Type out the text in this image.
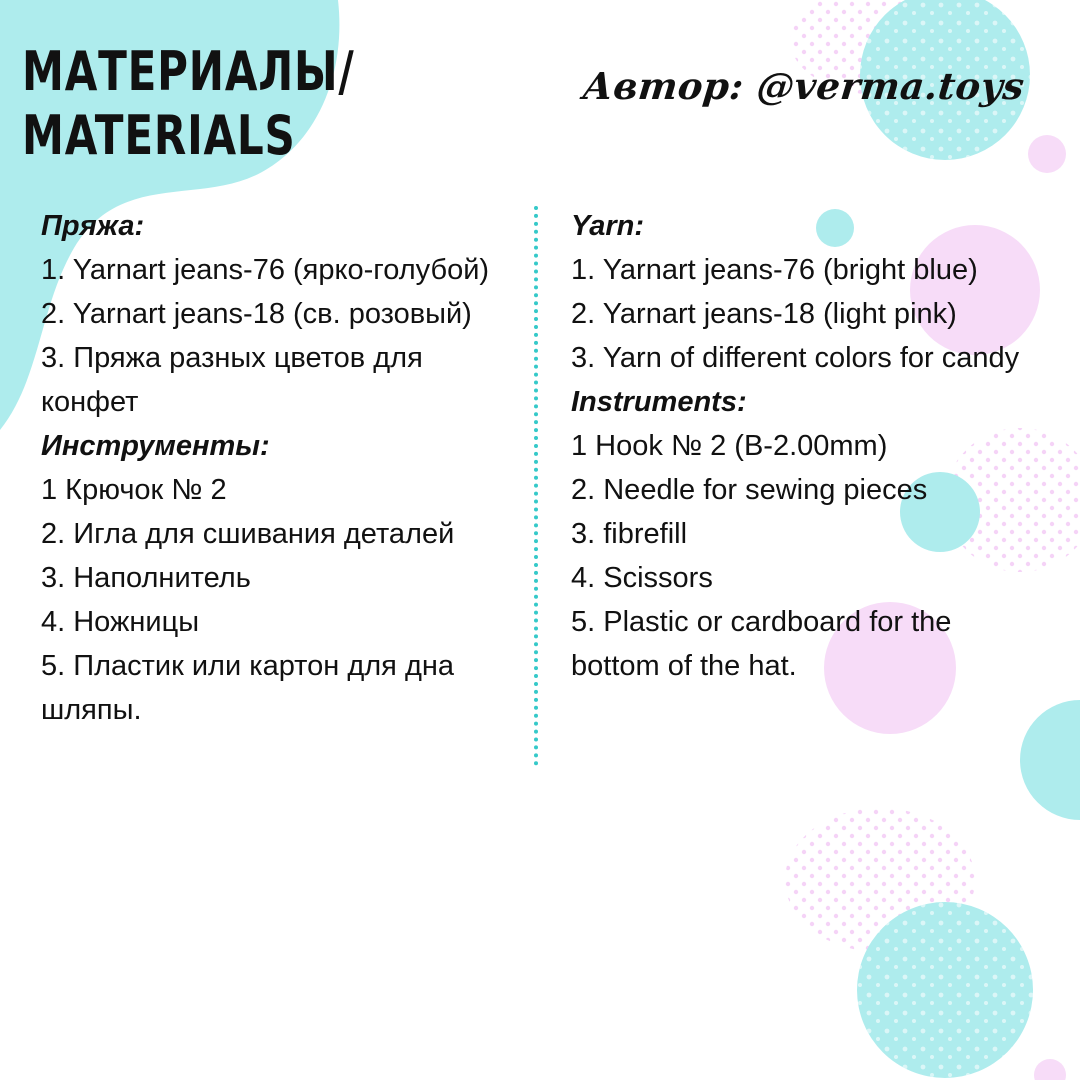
МАТЕРИАЛЫ/
MATERIALS
Автор: @verma.toys
Пряжа:
1. Yarnart jeans-76 (ярко-голубой)
2. Yarnart jeans-18 (св. розовый)
3. Пряжа разных цветов для конфет
Инструменты:
1 Крючок № 2
2. Игла для сшивания деталей
3. Наполнитель
4. Ножницы
5. Пластик или картон для дна шляпы.
Yarn:
1. Yarnart jeans-76 (bright blue)
2. Yarnart jeans-18 (light pink)
3. Yarn of different colors for candy
Instruments:
1 Hook № 2 (B-2.00mm)
2. Needle for sewing pieces
3. fibrefill
4. Scissors
5. Plastic or cardboard for the bottom of the hat.
